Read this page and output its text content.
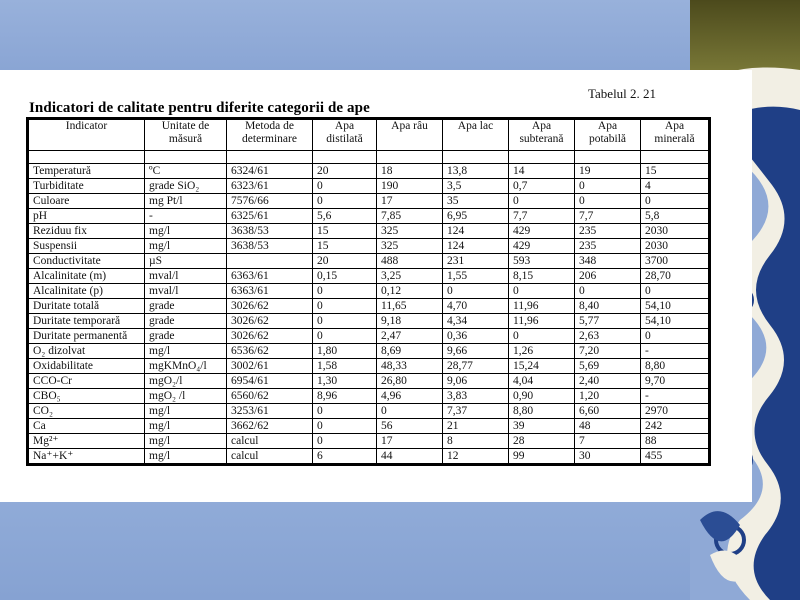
Tabelul 2. 21
Indicatori de calitate pentru diferite categorii de ape
Indicator	Unitate de măsură	Metoda de determinare	Apa distilată	Apa râu	Apa lac	Apa subterană	Apa potabilă	Apa minerală

Temperatură	ºC	6324/61	20	18	13,8	14	19	15
Turbiditate	grade SiO₂	6323/61	0	190	3,5	0,7	0	4
Culoare	mg Pt/l	7576/66	0	17	35	0	0	0
pH	-	6325/61	5,6	7,85	6,95	7,7	7,7	5,8
Reziduu fix	mg/l	3638/53	15	325	124	429	235	2030
Suspensii	mg/l	3638/53	15	325	124	429	235	2030
Conductivitate	µS		20	488	231	593	348	3700
Alcalinitate (m)	mval/l	6363/61	0,15	3,25	1,55	8,15	206	28,70
Alcalinitate (p)	mval/l	6363/61	0	0,12	0	0	0	0
Duritate totală	grade	3026/62	0	11,65	4,70	11,96	8,40	54,10
Duritate temporară	grade	3026/62	0	9,18	4,34	11,96	5,77	54,10
Duritate permanentă	grade	3026/62	0	2,47	0,36	0	2,63	0
O₂ dizolvat	mg/l	6536/62	1,80	8,69	9,66	1,26	7,20	-
Oxidabilitate	mgKMnO₄/l	3002/61	1,58	48,33	28,77	15,24	5,69	8,80
CCO-Cr	mgO₂/l	6954/61	1,30	26,80	9,06	4,04	2,40	9,70
CBO₅	mgO₂ /l	6560/62	8,96	4,96	3,83	0,90	1,20	-
CO₂	mg/l	3253/61	0	0	7,37	8,80	6,60	2970
Ca	mg/l	3662/62	0	56	21	39	48	242
Mg²⁺	mg/l	calcul	0	17	8	28	7	88
Na⁺+K⁺	mg/l	calcul	6	44	12	99	30	455
